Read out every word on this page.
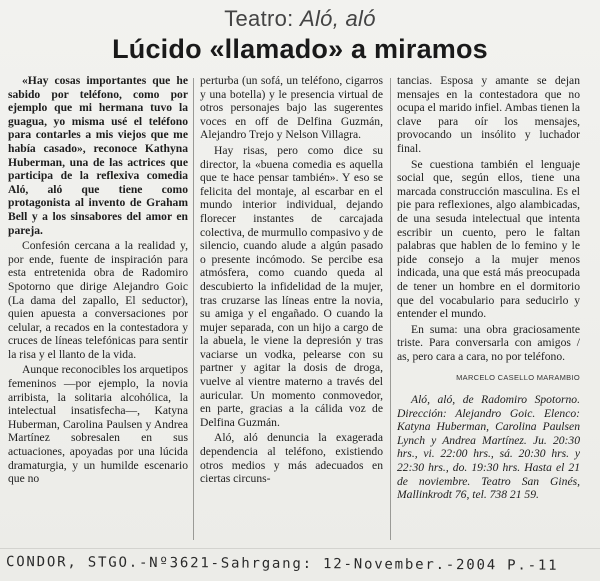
Teatro: Aló, aló
Lúcido «llamado» a miramos

«Hay cosas importantes que he sabido por teléfono, como por ejemplo que mi hermana tuvo la guagua, yo misma usé el teléfono para contarles a mis viejos que me había casado», reconoce Kathyna Huberman, una de las actrices que participa de la reflexiva comedia Aló, aló que tiene como protagonista al invento de Graham Bell y a los sinsabores del amor en pareja.

Confesión cercana a la realidad y, por ende, fuente de inspiración para esta entretenida obra de Radomiro Spotorno que dirige Alejandro Goic (La dama del zapallo, El seductor), quien apuesta a conversaciones por celular, a recados en la contestadora y cruces de líneas telefónicas para sentir la risa y el llanto de la vida.

Aunque reconocibles los arquetipos femeninos —por ejemplo, la novia arribista, la solitaria alcohólica, la intelectual insatisfecha—, Katyna Huberman, Carolina Paulsen y Andrea Martínez sobresalen en sus actuaciones, apoyadas por una lúcida dramaturgia, y un humilde escenario que no

perturba (un sofá, un teléfono, cigarros y una botella) y le presencia virtual de otros personajes bajo las sugerentes voces en off de Delfina Guzmán, Alejandro Trejo y Nelson Villagra.

Hay risas, pero como dice su director, la «buena comedia es aquella que te hace pensar también». Y eso se felicita del montaje, al escarbar en el mundo interior individual, dejando florecer instantes de carcajada colectiva, de murmullo compasivo y de silencio, cuando alude a algún pasado o presente incómodo. Se percibe esa atmósfera, como cuando queda al descubierto la infidelidad de la mujer, tras cruzarse las líneas entre la novia, su amiga y el engañado. O cuando la mujer separada, con un hijo a cargo de la abuela, le viene la depresión y tras vaciarse un vodka, pelearse con su partner y agitar la dosis de droga, vuelve al vientre materno a través del auricular. Un momento conmovedor, en parte, gracias a la cálida voz de Delfina Guzmán.

Aló, aló denuncia la exagerada dependencia al teléfono, existiendo otros medios y más adecuados en ciertas circuns-

tancias. Esposa y amante se dejan mensajes en la contestadora que no ocupa el marido infiel. Ambas tienen la clave para oír los mensajes, provocando un insólito y luchador final.

Se cuestiona también el lenguaje social que, según ellos, tiene una marcada construcción masculina. Es el pie para reflexiones, algo alambicadas, de una sesuda intelectual que intenta escribir un cuento, pero le faltan palabras que hablen de lo femino y le pide consejo a la mujer menos indicada, una que está más preocupada de tener un hombre en el dormitorio que del vocabulario para seducirlo y entender el mundo.

En suma: una obra graciosamente triste. Para conversarla con amigos / as, pero cara a cara, no por teléfono.

MARCELO CASELLO MARAMBIO

Aló, aló, de Radomiro Spotorno. Dirección: Alejandro Goic. Elenco: Katyna Huberman, Carolina Paulsen Lynch y Andrea Martínez. Ju. 20:30 hrs., vi. 22:00 hrs., sá. 20:30 hrs. y 22:30 hrs., do. 19:30 hrs. Hasta el 21 de noviembre. Teatro San Ginés, Mallinkrodt 76, tel. 738 21 59.

CONDOR, STGO.-Nº3621-Sahrgang: 12-November.-2004 P.-11
